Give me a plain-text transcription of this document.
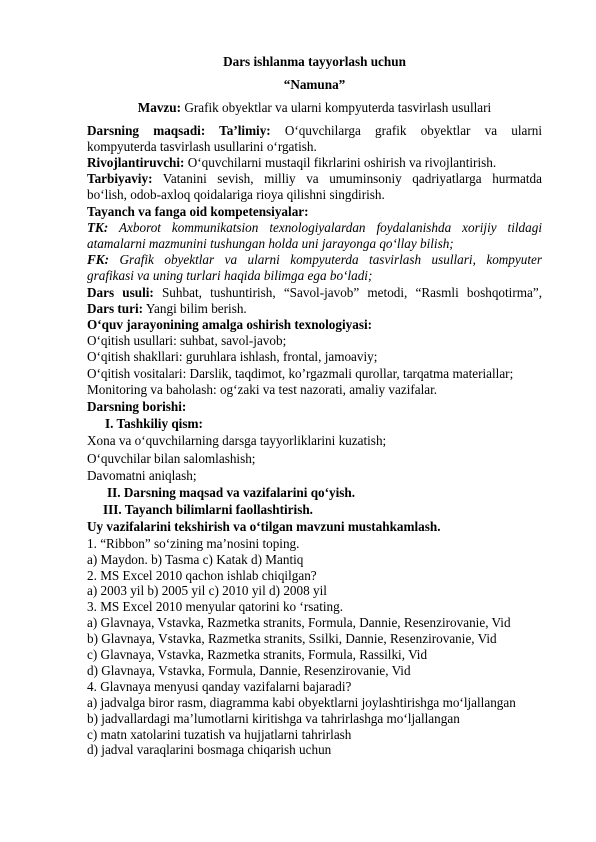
Dars ishlanma tayyorlash uchun

“Namuna”

Mavzu: Grafik obyektlar va ularni kompyuterda tasvirlash usullari

Darsning maqsadi: Ta’limiy: O‘quvchilarga grafik obyektlar va ularni

kompyuterda tasvirlash usullarini o‘rgatish.

Rivojlantiruvchi: O‘quvchilarni mustaqil fikrlarini oshirish va rivojlantirish.

Tarbiyaviy: Vatanini sevish, milliy va umuminsoniy qadriyatlarga hurmatda

bo‘lish, odob-axloq qoidalariga rioya qilishni singdirish.

Tayanch va fanga oid kompetensiyalar:

TK: Axborot kommunikatsion texnologiyalardan foydalanishda xorijiy tildagi

atamalarni mazmunini tushungan holda uni jarayonga qo‘llay bilish;

FK: Grafik obyektlar va ularni kompyuterda tasvirlash usullari, kompyuter

grafikasi va uning turlari haqida bilimga ega bo‘ladi;

Dars usuli: Suhbat, tushuntirish, “Savol-javob” metodi, “Rasmli boshqotirma”,

Dars turi: Yangi bilim berish.

O‘quv jarayonining amalga oshirish texnologiyasi:

O‘qitish usullari: suhbat, savol-javob;

O‘qitish shakllari: guruhlara ishlash, frontal, jamoaviy;

O‘qitish vositalari: Darslik, taqdimot, ko’rgazmali qurollar, tarqatma materiallar;

Monitoring va baholash: og‘zaki va test nazorati, amaliy vazifalar.

Darsning borishi:

I. Tashkiliy qism:

Xona va o‘quvchilarning darsga tayyorliklarini kuzatish;

O‘quvchilar bilan salomlashish;

Davomatni aniqlash;

II. Darsning maqsad va vazifalarini qo‘yish.

III. Tayanch bilimlarni faollashtirish.

Uy vazifalarini tekshirish va o‘tilgan mavzuni mustahkamlash.

1. “Ribbon” so‘zining ma’nosini toping.

a) Maydon. b) Tasma c) Katak d) Mantiq

2. MS Excel 2010 qachon ishlab chiqilgan?

a) 2003 yil b) 2005 yil c) 2010 yil d) 2008 yil

3. MS Excel 2010 menyular qatorini ko ‘rsating.

a) Glavnaya, Vstavka, Razmetka stranits, Formula, Dannie, Resenzirovanie, Vid

b) Glavnaya, Vstavka, Razmetka stranits, Ssilki, Dannie, Resenzirovanie, Vid

c) Glavnaya, Vstavka, Razmetka stranits, Formula, Rassilki, Vid

d) Glavnaya, Vstavka, Formula, Dannie, Resenzirovanie, Vid

4. Glavnaya menyusi qanday vazifalarni bajaradi?

a) jadvalga biror rasm, diagramma kabi obyektlarni joylashtirishga mo‘ljallangan

b) jadvallardagi ma’lumotlarni kiritishga va tahrirlashga mo‘ljallangan

c) matn xatolarini tuzatish va hujjatlarni tahrirlash

d) jadval varaqlarini bosmaga chiqarish uchun
